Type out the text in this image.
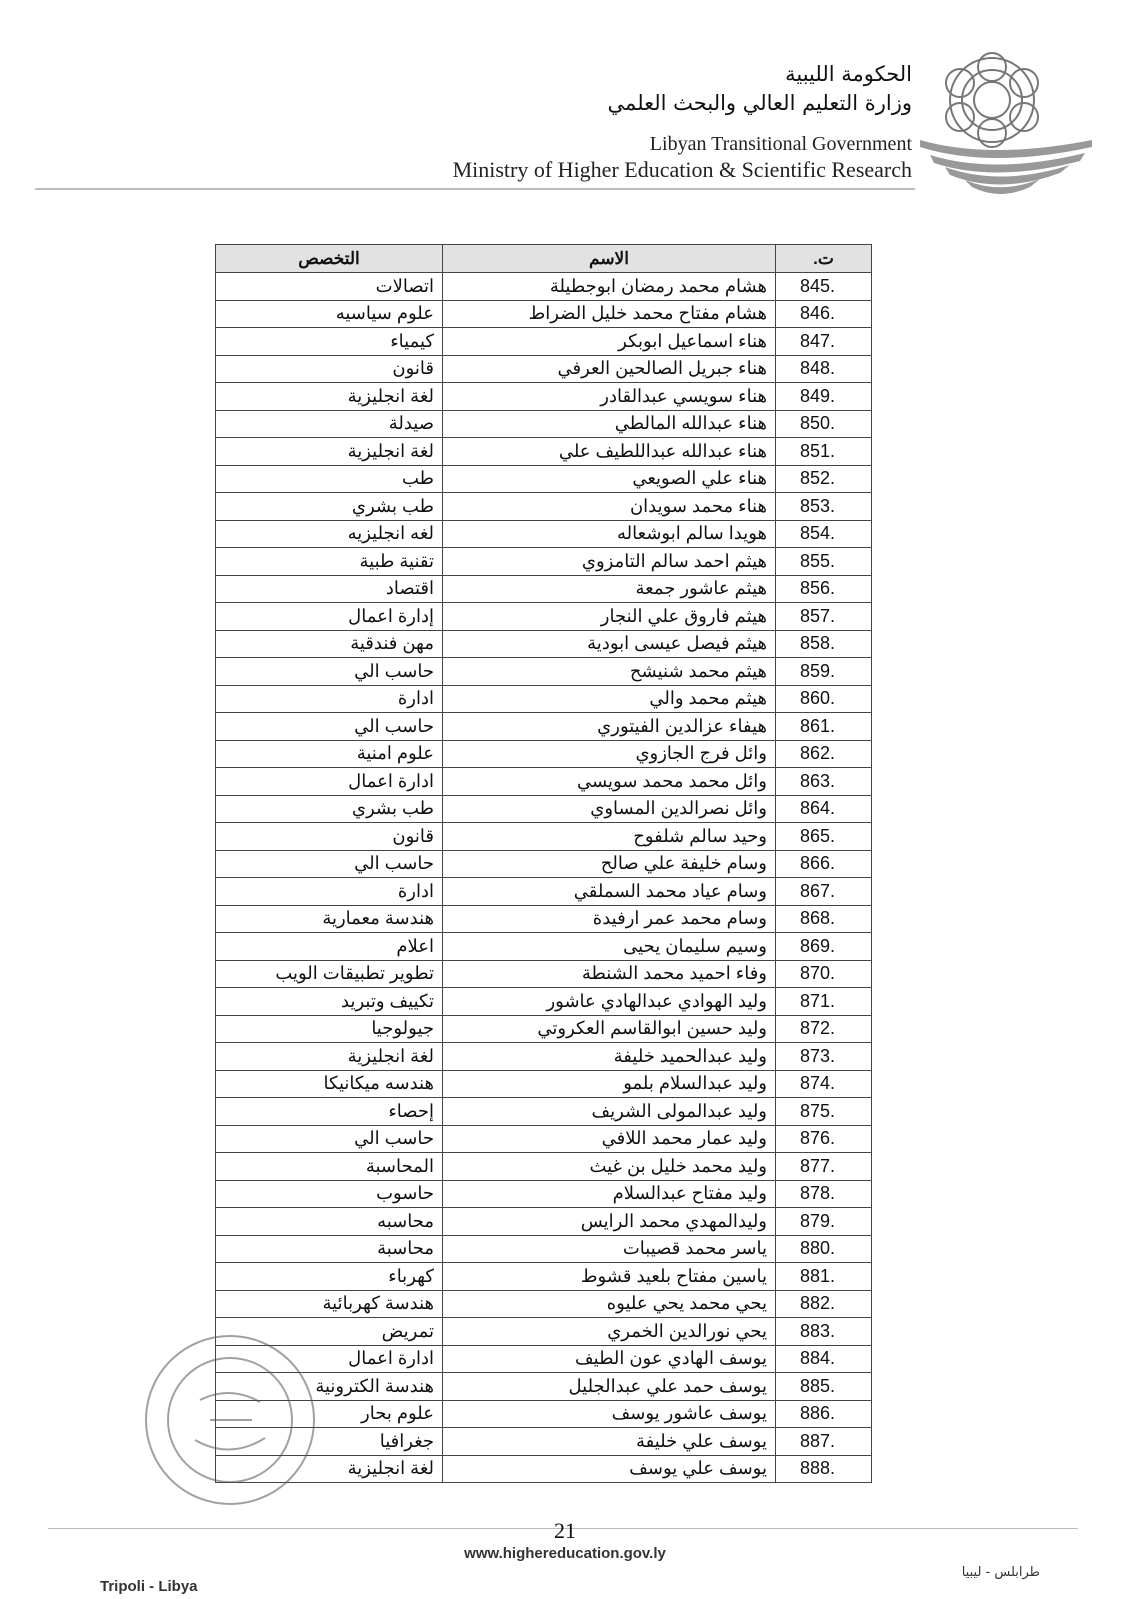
الحكومة الليبية
وزارة التعليم العالي والبحث العلمي
Libyan Transitional Government
Ministry of Higher Education & Scientific Research
ت.	الاسم	التخصص
845.	هشام محمد رمضان ابوجطيلة	اتصالات
846.	هشام مفتاح محمد خليل الضراط	علوم سياسيه
847.	هناء اسماعيل ابوبكر	كيمياء
848.	هناء جبريل الصالحين العرفي	قانون
849.	هناء سويسي عبدالقادر	لغة انجليزية
850.	هناء عبدالله المالطي	صيدلة
851.	هناء عبدالله عبداللطيف علي	لغة انجليزية
852.	هناء علي الصويعي	طب
853.	هناء محمد سويدان	طب بشري
854.	هويدا سالم ابوشعاله	لغه انجليزيه
855.	هيثم احمد سالم التامزوي	تقنية طبية
856.	هيثم عاشور جمعة	اقتصاد
857.	هيثم فاروق علي النجار	إدارة اعمال
858.	هيثم فيصل عيسى ابودية	مهن فندقية
859.	هيثم محمد شنيشح	حاسب الي
860.	هيثم محمد والي	ادارة
861.	هيفاء عزالدين الفيتوري	حاسب الي
862.	وائل فرج الجازوي	علوم امنية
863.	وائل محمد محمد سويسي	ادارة اعمال
864.	وائل نصرالدين المساوي	طب بشري
865.	وحيد سالم شلفوح	قانون
866.	وسام خليفة علي صالح	حاسب الي
867.	وسام عياد محمد السملقي	ادارة
868.	وسام محمد عمر ارفيدة	هندسة معمارية
869.	وسيم سليمان يحيى	اعلام
870.	وفاء احميد محمد الشنطة	تطوير تطبيقات الويب
871.	وليد الهوادي عبدالهادي عاشور	تكييف وتبريد
872.	وليد حسين ابوالقاسم العكروتي	جيولوجيا
873.	وليد عبدالحميد خليفة	لغة انجليزية
874.	وليد عبدالسلام بلمو	هندسه ميكانيكا
875.	وليد عبدالمولى الشريف	إحصاء
876.	وليد عمار محمد اللافي	حاسب الي
877.	وليد محمد خليل بن غيث	المحاسبة
878.	وليد مفتاح عبدالسلام	حاسوب
879.	وليدالمهدي محمد الرايس	محاسبه
880.	ياسر محمد قصيبات	محاسبة
881.	ياسين مفتاح بلعيد قشوط	كهرباء
882.	يحي محمد يحي عليوه	هندسة كهربائية
883.	يحي نورالدين الخمري	تمريض
884.	يوسف الهادي عون الطيف	ادارة اعمال
885.	يوسف حمد علي عبدالجليل	هندسة الكترونية
886.	يوسف عاشور يوسف	علوم بحار
887.	يوسف علي خليفة	جغرافيا
888.	يوسف علي يوسف	لغة انجليزية
21
Tripoli - Libya
www.highereducation.gov.ly
طرابلس - ليبيا
